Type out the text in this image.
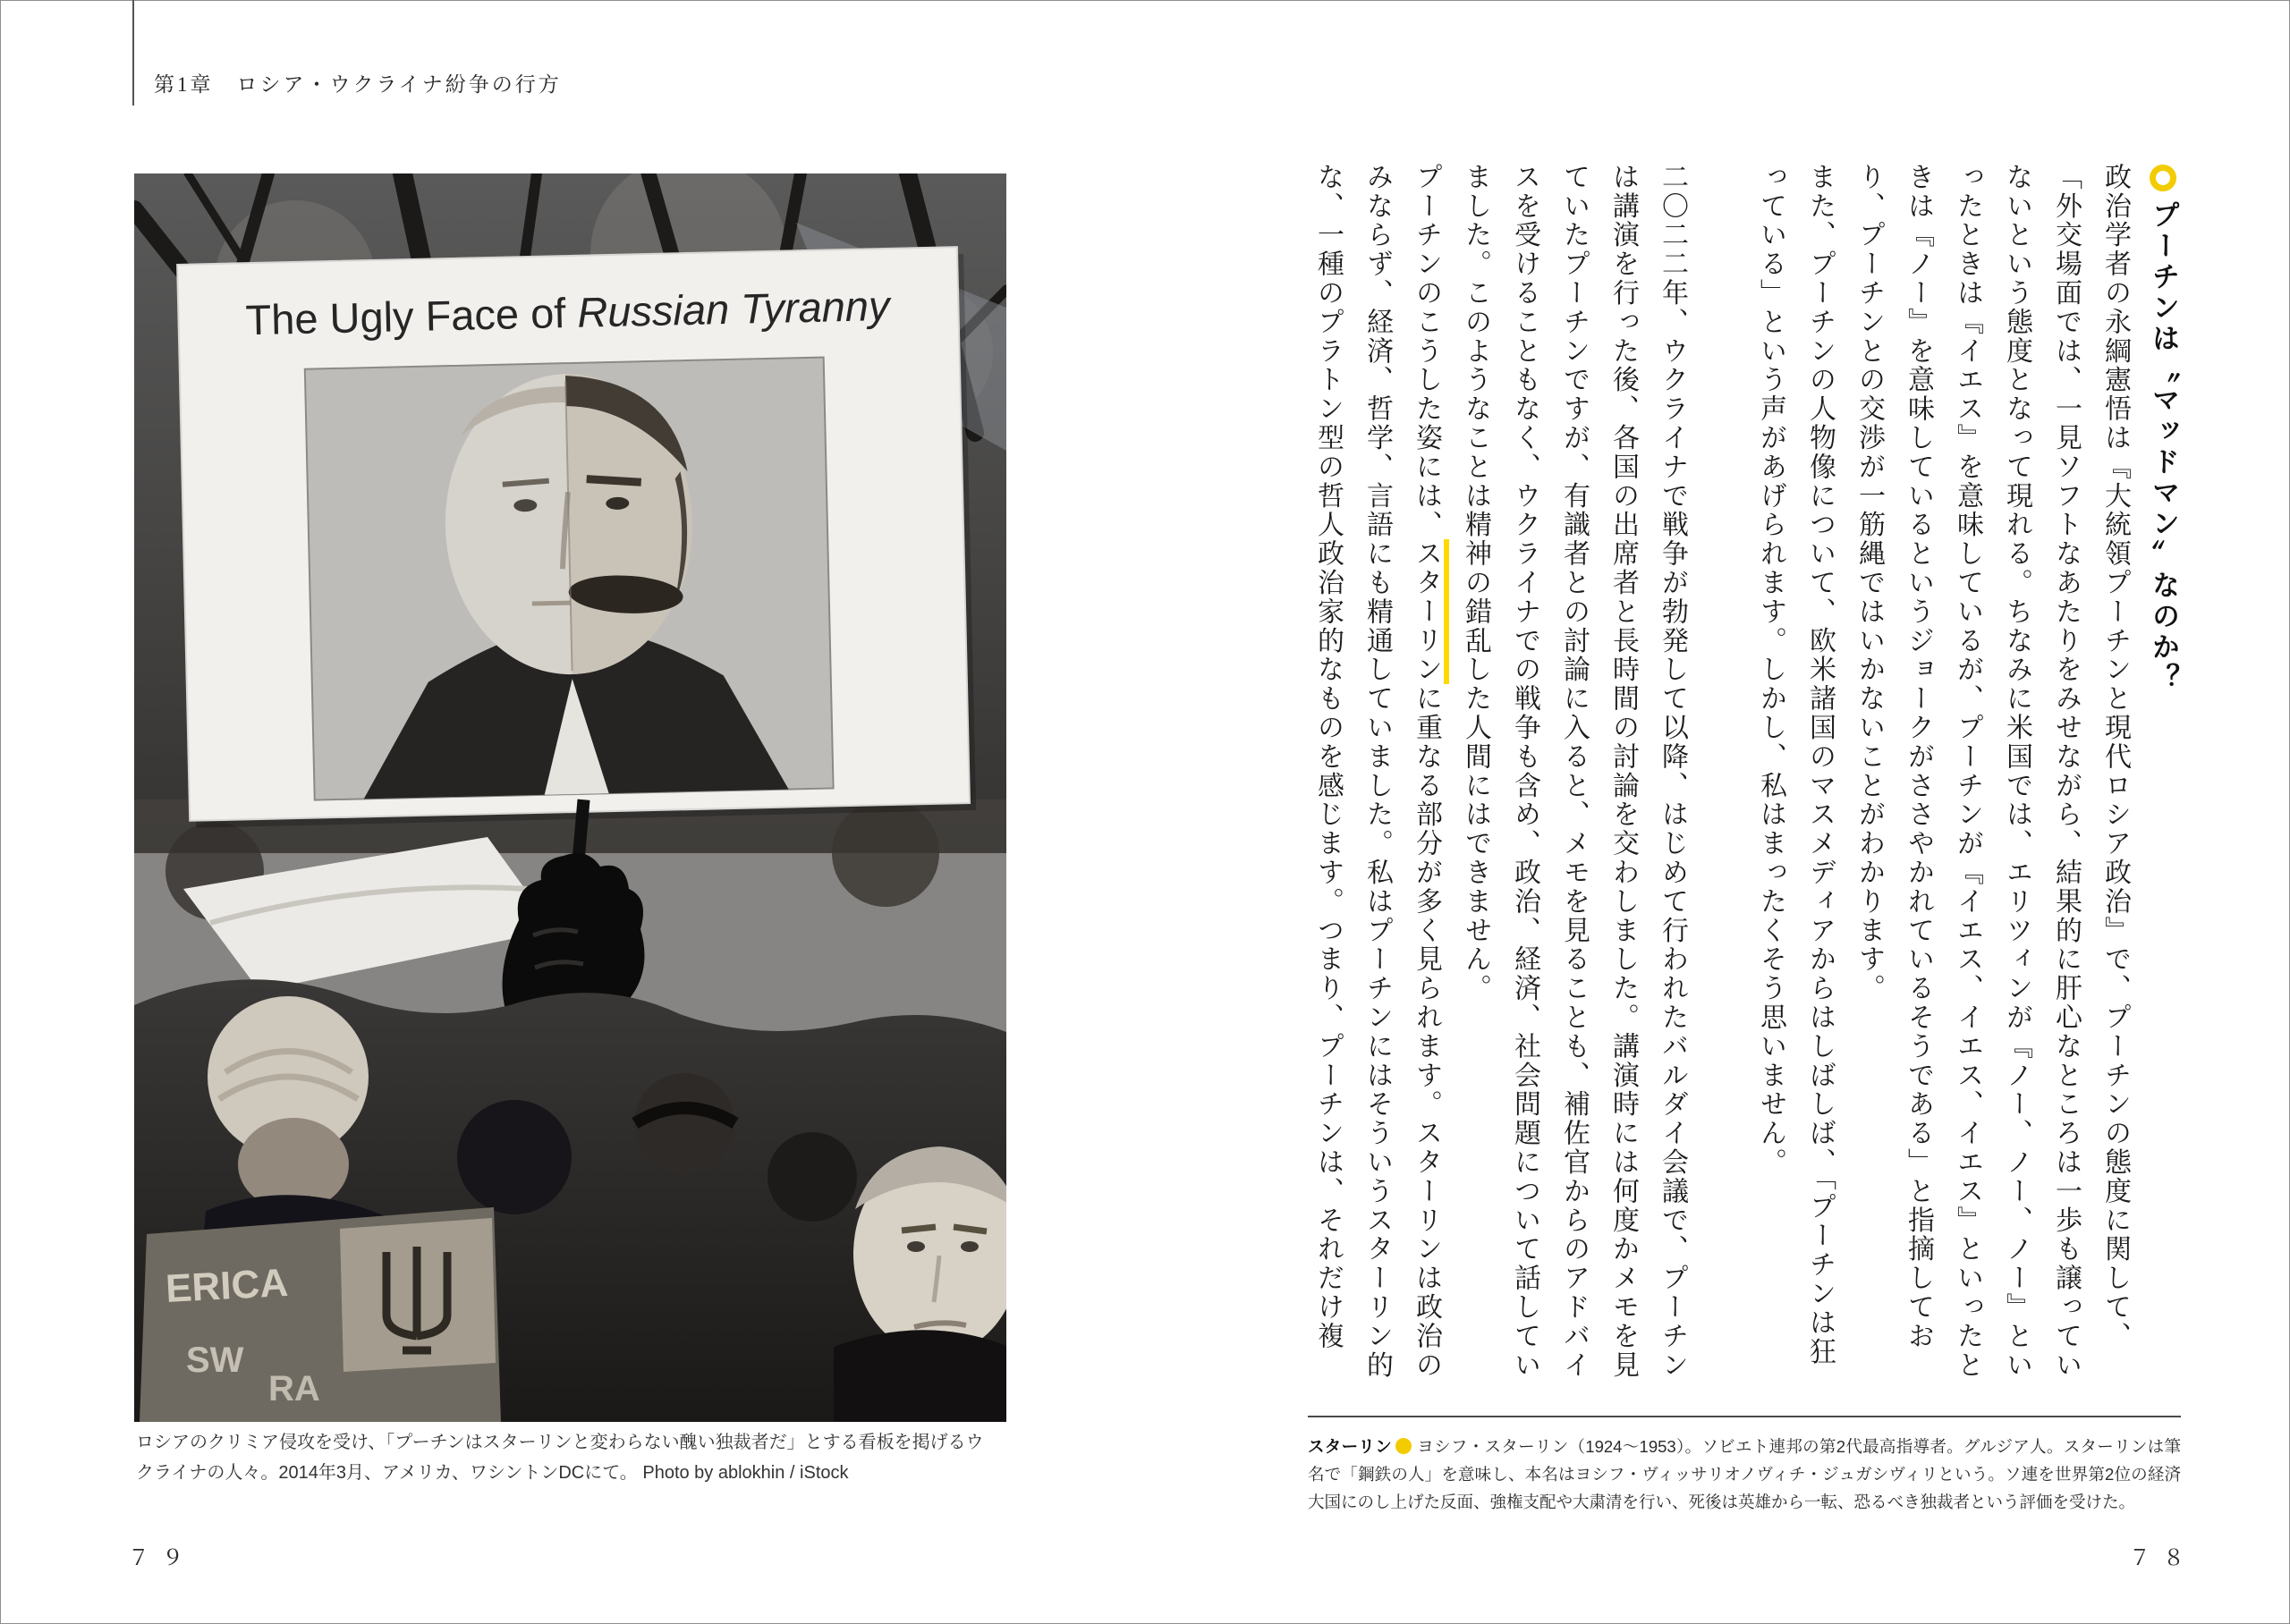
第1章　ロシア・ウクライナ紛争の行方
The Ugly Face of Russian Tyranny
ERICA
SW
RA
ロシアのクリミア侵攻を受け、「プーチンはスターリンと変わらない醜い独裁者だ」とする看板を掲げるウ
クライナの人々。2014年3月、アメリカ、ワシントンDCにて。 Photo by ablokhin / iStock
７９	７８
プーチンは〝マッドマン〟なのか？

政治学者の永綱憲悟は『大統領プーチンと現代ロシア政治』で、プーチンの態度に関して、「外交場面では、一見ソフトなあたりをみせながら、結果的に肝心なところは一歩も譲っていないという態度となって現れる。ちなみに米国では、エリツィンが『ノー、ノー、ノー』といったときは『イエス』を意味しているが、プーチンが『イエス、イエス、イエス』といったときは『ノー』を意味しているというジョークがささやかれているそうである」と指摘しており、プーチンとの交渉が一筋縄ではいかないことがわかります。

また、プーチンの人物像について、欧米諸国のマスメディアからはしばしば、「プーチンは狂っている」という声があげられます。しかし、私はまったくそう思いません。

二〇二二年、ウクライナで戦争が勃発して以降、はじめて行われたバルダイ会議で、プーチンは講演を行った後、各国の出席者と長時間の討論を交わしました。講演時には何度かメモを見ていたプーチンですが、有識者との討論に入ると、メモを見ることも、補佐官からのアドバイスを受けることもなく、ウクライナでの戦争も含め、政治、経済、社会問題について話していました。このようなことは精神の錯乱した人間にはできません。

プーチンのこうした姿には、スターリンに重なる部分が多く見られます。スターリンは政治のみならず、経済、哲学、言語にも精通していました。私はプーチンにはそういうスターリン的な、一種のプラトン型の哲人政治家的なものを感じます。つまり、プーチンは、それだけ複

スターリン ヨシフ・スターリン（1924〜1953）。ソビエト連邦の第2代最高指導者。グルジア人。スターリンは筆名で「鋼鉄の人」を意味し、本名はヨシフ・ヴィッサリオノヴィチ・ジュガシヴィリという。ソ連を世界第2位の経済大国にのし上げた反面、強権支配や大粛清を行い、死後は英雄から一転、恐るべき独裁者という評価を受けた。
